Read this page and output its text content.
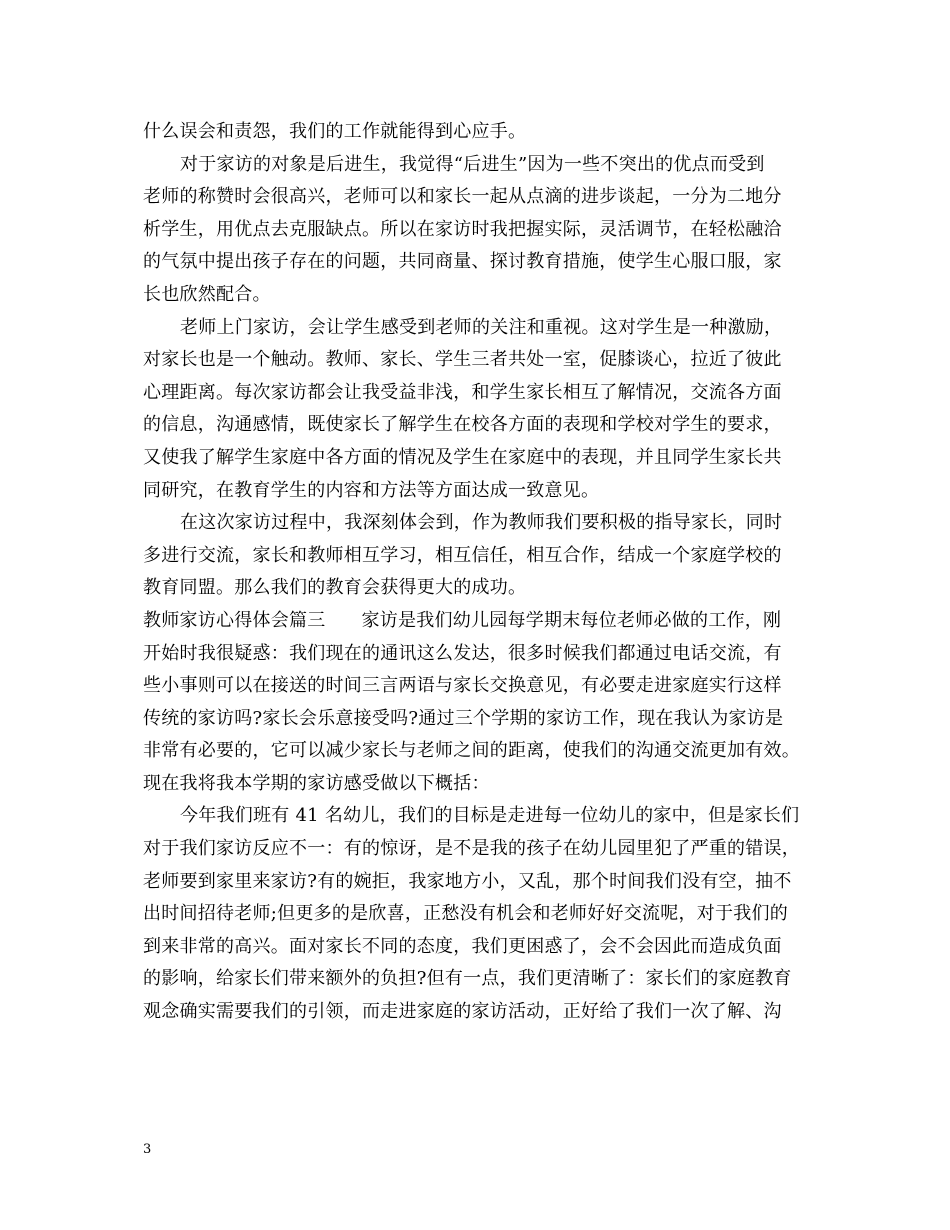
什么误会和责怨，我们的工作就能得到心应手。
对于家访的对象是后进生，我觉得“后进生”因为一些不突出的优点而受到
老师的称赞时会很高兴，老师可以和家长一起从点滴的进步谈起，一分为二地分
析学生，用优点去克服缺点。所以在家访时我把握实际，灵活调节，在轻松融洽
的气氛中提出孩子存在的问题，共同商量、探讨教育措施，使学生心服口服，家
长也欣然配合。
老师上门家访，会让学生感受到老师的关注和重视。这对学生是一种激励，
对家长也是一个触动。教师、家长、学生三者共处一室，促膝谈心，拉近了彼此
心理距离。每次家访都会让我受益非浅，和学生家长相互了解情况，交流各方面
的信息，沟通感情，既使家长了解学生在校各方面的表现和学校对学生的要求，
又使我了解学生家庭中各方面的情况及学生在家庭中的表现，并且同学生家长共
同研究，在教育学生的内容和方法等方面达成一致意见。
在这次家访过程中，我深刻体会到，作为教师我们要积极的指导家长，同时
多进行交流，家长和教师相互学习，相互信任，相互合作，结成一个家庭学校的
教育同盟。那么我们的教育会获得更大的成功。
教师家访心得体会篇三 家访是我们幼儿园每学期末每位老师必做的工作，刚
开始时我很疑惑：我们现在的通讯这么发达，很多时候我们都通过电话交流，有
些小事则可以在接送的时间三言两语与家长交换意见，有必要走进家庭实行这样
传统的家访吗?家长会乐意接受吗?通过三个学期的家访工作，现在我认为家访是
非常有必要的，它可以减少家长与老师之间的距离，使我们的沟通交流更加有效。
现在我将我本学期的家访感受做以下概括：
今年我们班有 41 名幼儿，我们的目标是走进每一位幼儿的家中，但是家长们
对于我们家访反应不一：有的惊讶，是不是我的孩子在幼儿园里犯了严重的错误，
老师要到家里来家访?有的婉拒，我家地方小，又乱，那个时间我们没有空，抽不
出时间招待老师;但更多的是欣喜，正愁没有机会和老师好好交流呢，对于我们的
到来非常的高兴。面对家长不同的态度，我们更困惑了，会不会因此而造成负面
的影响，给家长们带来额外的负担?但有一点，我们更清晰了：家长们的家庭教育
观念确实需要我们的引领，而走进家庭的家访活动，正好给了我们一次了解、沟
3
